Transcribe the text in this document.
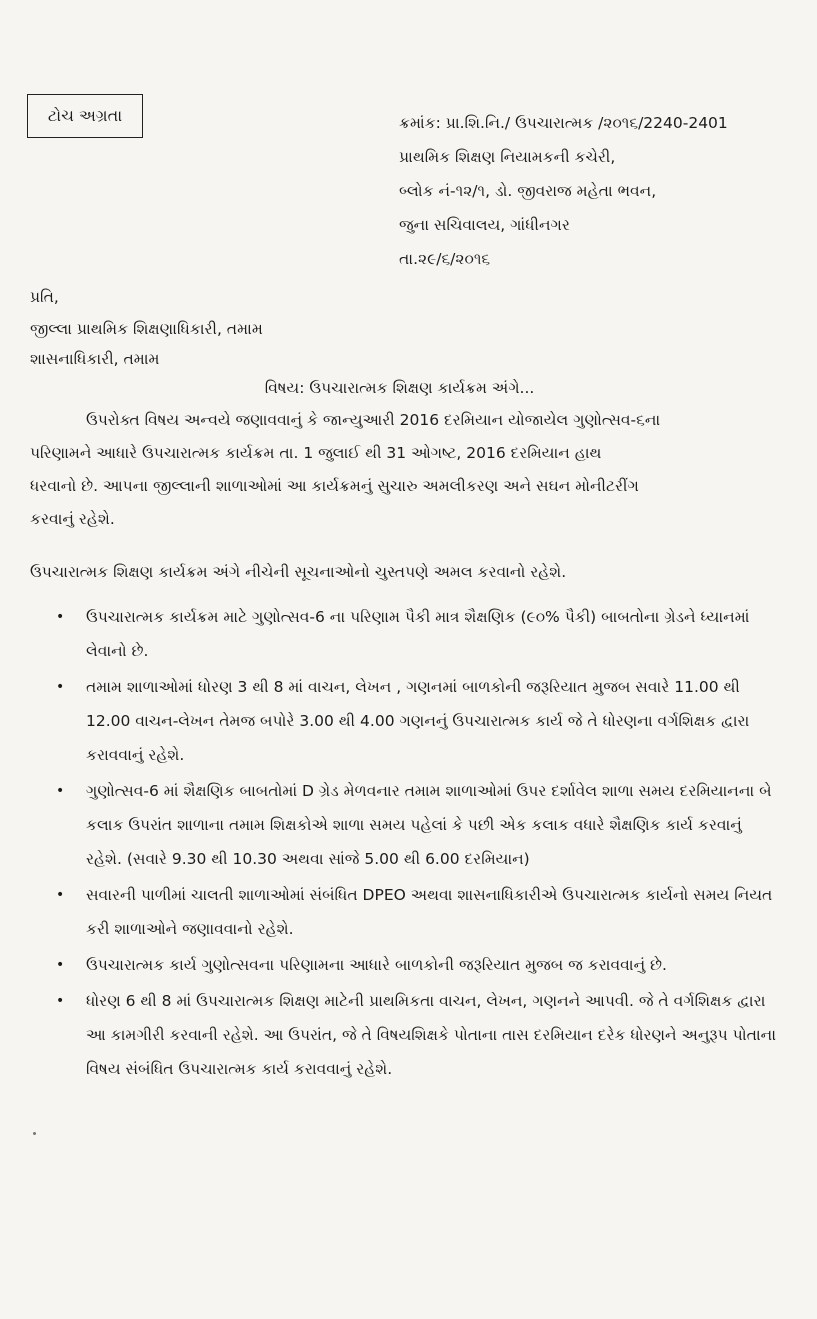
ટોચ અગ્રતા	ક્રમાંક: પ્રા.શિ.નિ./ ઉપચારાત્મક /૨૦૧૬/2240-2401
પ્રાથમિક શિક્ષણ નિયામકની કચેરી,
બ્લોક નં-૧૨/૧, ડો. જીવરાજ મહેતા ભવન,
જુના સચિવાલય, ગાંધીનગર
તા.૨૯/૬/૨૦૧૬
પ્રતિ,
જીલ્લા પ્રાથમિક શિક્ષણાધિકારી, તમામ
શાસનાધિકારી, તમામ
વિષય: ઉપચારાત્મક શિક્ષણ કાર્યક્રમ અંગે...
ઉપરોક્ત વિષય અન્વયે જણાવવાનું કે જાન્યુઆરી 2016 દરમિયાન યોજાયેલ ગુણોત્સવ-૬ના
પરિણામને આધારે ઉપચારાત્મક કાર્યક્રમ તા. 1 જુલાઈ થી 31 ઓગષ્ટ, 2016 દરમિયાન હાથ
ધરવાનો છે. આપના જીલ્લાની શાળાઓમાં આ કાર્યક્રમનું સુચારુ અમલીકરણ અને સઘન મોનીટરીંગ
કરવાનું રહેશે.
ઉપચારાત્મક શિક્ષણ કાર્યક્રમ અંગે નીચેની સૂચનાઓનો ચુસ્તપણે અમલ કરવાનો રહેશે.
• ઉપચારાત્મક કાર્યક્રમ માટે ગુણોત્સવ-6 ના પરિણામ પૈકી માત્ર શૈક્ષણિક (૯૦% પૈકી) બાબતોના ગ્રેડને ધ્યાનમાં લેવાનો છે.
• તમામ શાળાઓમાં ધોરણ 3 થી 8 માં વાચન, લેખન , ગણનમાં બાળકોની જરૂરિયાત મુજબ સવારે 11.00 થી 12.00 વાચન-લેખન તેમજ બપોરે 3.00 થી 4.00 ગણનનું ઉપચારાત્મક કાર્ય જે તે ધોરણના વર્ગશિક્ષક દ્વારા કરાવવાનું રહેશે.
• ગુણોત્સવ-6 માં શૈક્ષણિક બાબતોમાં D ગ્રેડ મેળવનાર તમામ શાળાઓમાં ઉપર દર્શાવેલ શાળા સમય દરમિયાનના બે કલાક ઉપરાંત શાળાના તમામ શિક્ષકોએ શાળા સમય પહેલાં કે પછી એક કલાક વધારે શૈક્ષણિક કાર્ય કરવાનું રહેશે. (સવારે 9.30 થી 10.30 અથવા સાંજે 5.00 થી 6.00 દરમિયાન)
• સવારની પાળીમાં ચાલતી શાળાઓમાં સંબંધિત DPEO અથવા શાસનાધિકારીએ ઉપચારાત્મક કાર્યનો સમય નિયત કરી શાળાઓને જણાવવાનો રહેશે.
• ઉપચારાત્મક કાર્ય ગુણોત્સવના પરિણામના આધારે બાળકોની જરૂરિયાત મુજબ જ કરાવવાનું છે.
• ધોરણ 6 થી 8 માં ઉપચારાત્મક શિક્ષણ માટેની પ્રાથમિકતા વાચન, લેખન, ગણનને આપવી. જે તે વર્ગશિક્ષક દ્વારા આ કામગીરી કરવાની રહેશે. આ ઉપરાંત, જે તે વિષયશિક્ષકે પોતાના તાસ દરમિયાન દરેક ધોરણને અનુરૂપ પોતાના વિષય સંબંધિત ઉપચારાત્મક કાર્ય કરાવવાનું રહેશે.
